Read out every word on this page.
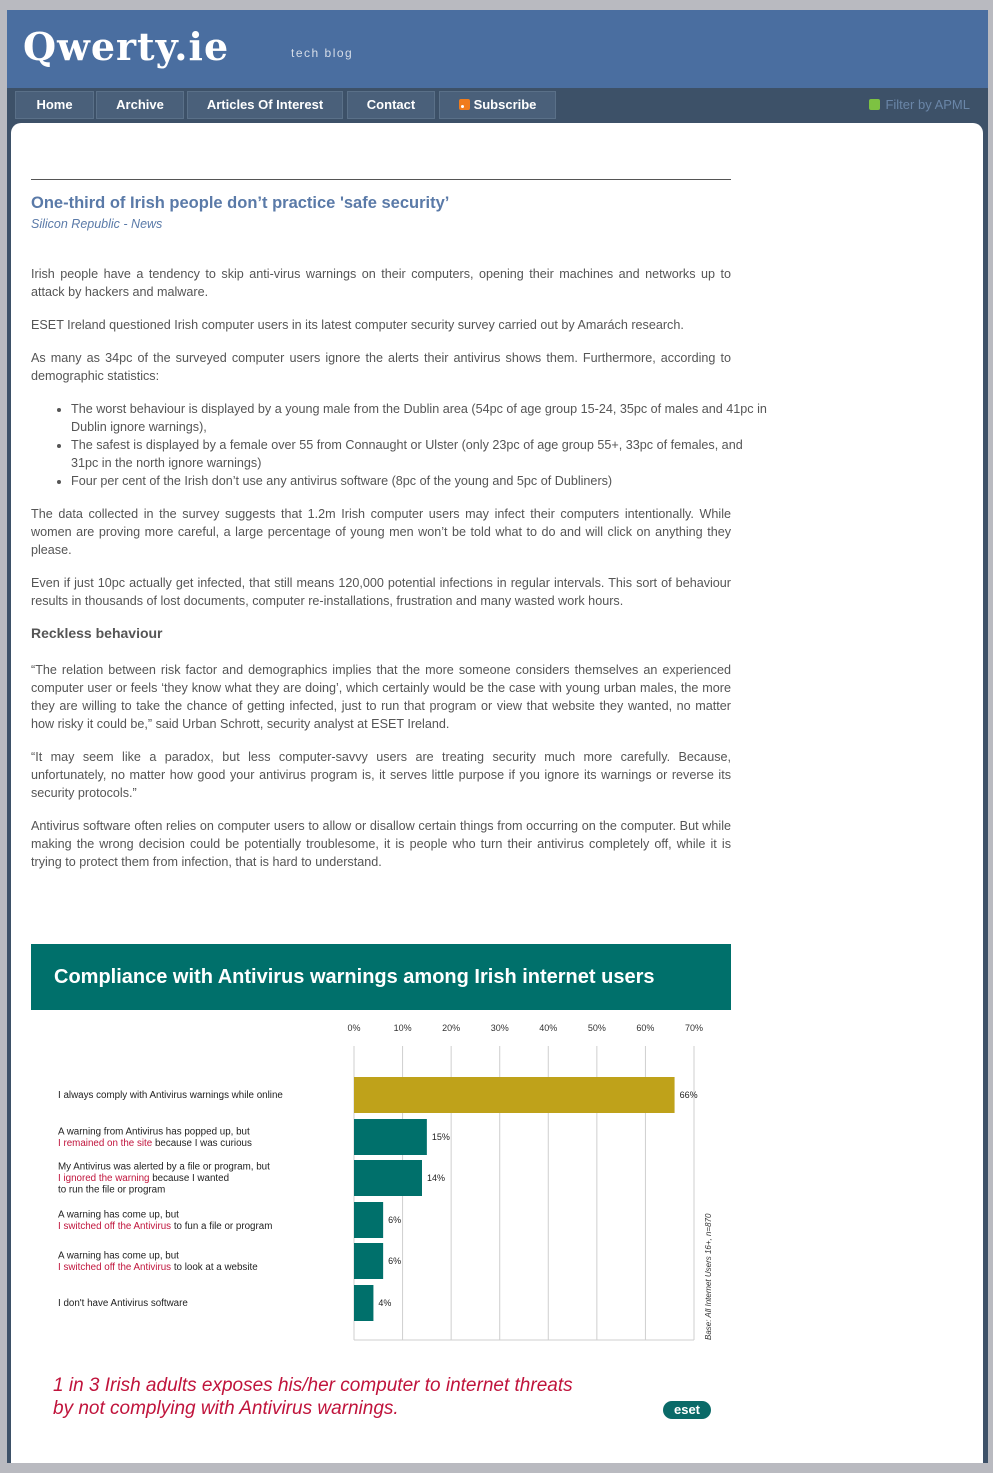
Qwerty.ie	tech blog
Home	Archive	Articles Of Interest	Contact	Subscribe	Filter by APML
One-third of Irish people don’t practice 'safe security’
Silicon Republic - News

Irish people have a tendency to skip anti-virus warnings on their computers, opening their machines and networks up to attack by hackers and malware.

ESET Ireland questioned Irish computer users in its latest computer security survey carried out by Amarách research.

As many as 34pc of the surveyed computer users ignore the alerts their antivirus shows them. Furthermore, according to demographic statistics:

• The worst behaviour is displayed by a young male from the Dublin area (54pc of age group 15-24, 35pc of males and 41pc in Dublin ignore warnings),
• The safest is displayed by a female over 55 from Connaught or Ulster (only 23pc of age group 55+, 33pc of females, and 31pc in the north ignore warnings)
• Four per cent of the Irish don’t use any antivirus software (8pc of the young and 5pc of Dubliners)

The data collected in the survey suggests that 1.2m Irish computer users may infect their computers intentionally. While women are proving more careful, a large percentage of young men won’t be told what to do and will click on anything they please.

Even if just 10pc actually get infected, that still means 120,000 potential infections in regular intervals. This sort of behaviour results in thousands of lost documents, computer re-installations, frustration and many wasted work hours.

Reckless behaviour

“The relation between risk factor and demographics implies that the more someone considers themselves an experienced computer user or feels ‘they know what they are doing’, which certainly would be the case with young urban males, the more they are willing to take the chance of getting infected, just to run that program or view that website they wanted, no matter how risky it could be,” said Urban Schrott, security analyst at ESET Ireland.

“It may seem like a paradox, but less computer-savvy users are treating security much more carefully. Because, unfortunately, no matter how good your antivirus program is, it serves little purpose if you ignore its warnings or reverse its security protocols.”

Antivirus software often relies on computer users to allow or disallow certain things from occurring on the computer. But while making the wrong decision could be potentially troublesome, it is people who turn their antivirus completely off, while it is trying to protect them from infection, that is hard to understand.

Compliance with Antivirus warnings among Irish internet users
0%	10%	20%	30%	40%	50%	60%	70%
66%
I always comply with Antivirus warnings while online
15%
A warning from Antivirus has popped up, but
I remained on the site because I was curious
14%
My Antivirus was alerted by a file or program, but
I ignored the warning because I wanted
to run the file or program
6%
A warning has come up, but
I switched off the Antivirus to fun a file or program
6%
A warning has come up, but
I switched off the Antivirus to look at a website
4%
I don't have Antivirus software	Base: All Internet Users 16+, n=870
1 in 3 Irish adults exposes his/her computer to internet threats
by not complying with Antivirus warnings.	eset
